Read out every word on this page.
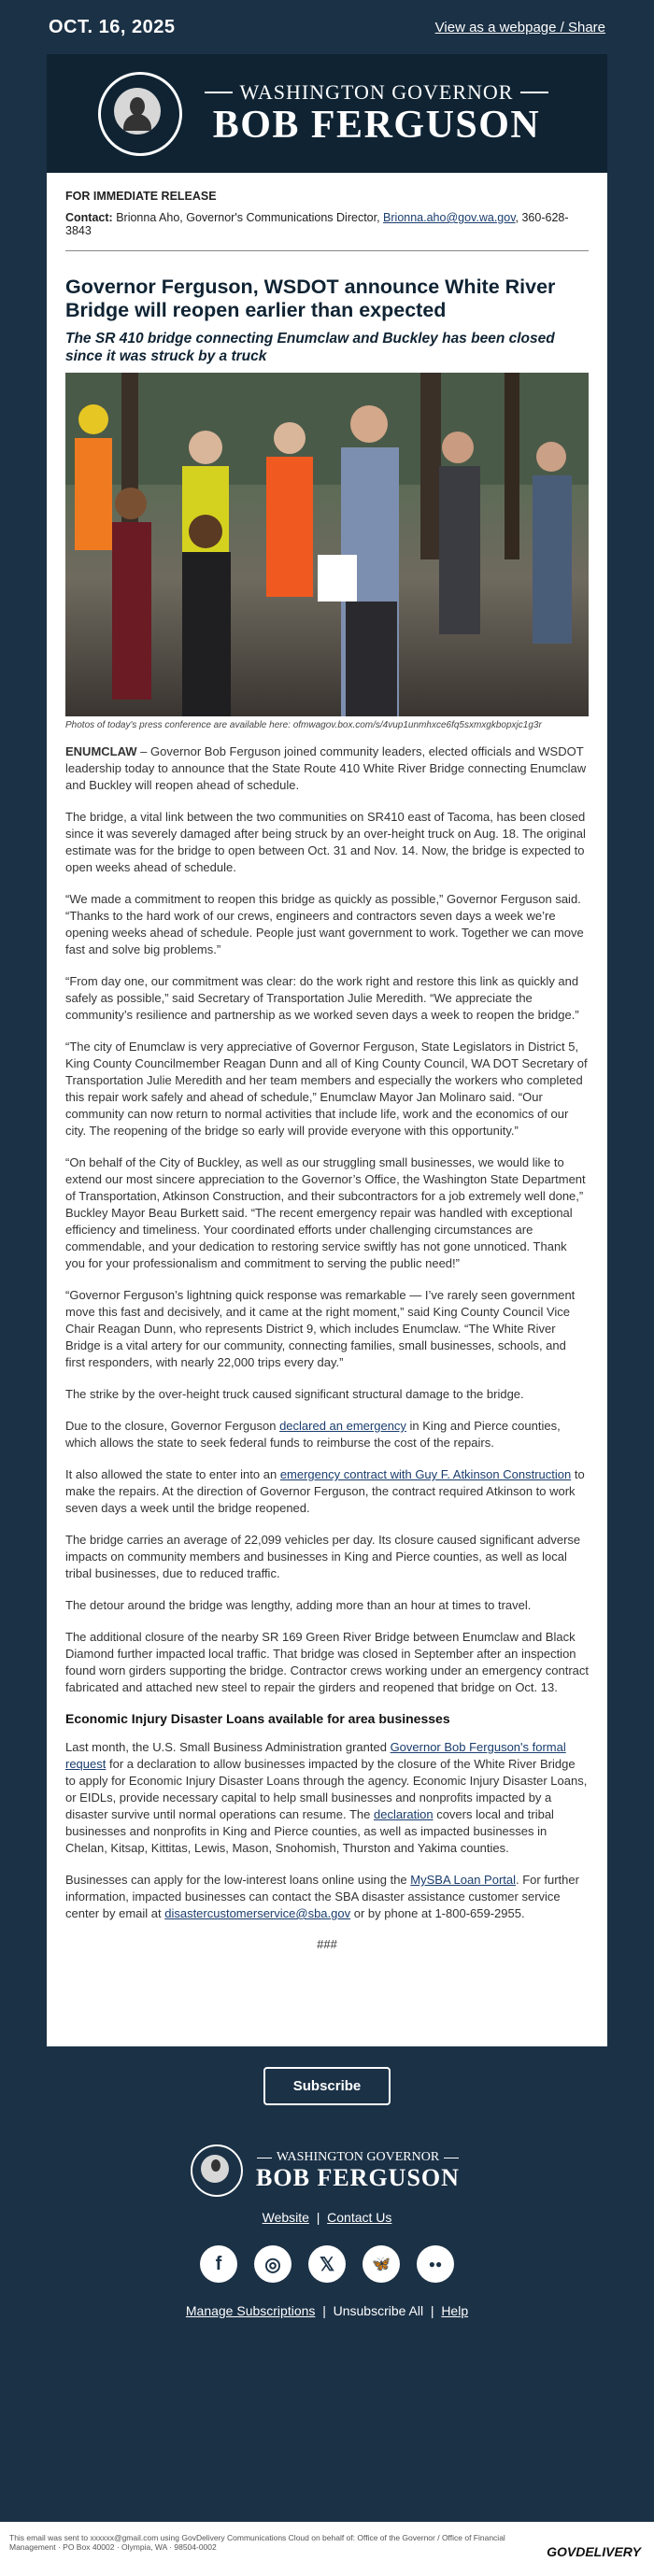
OCT. 16, 2025	View as a webpage / Share
WASHINGTON GOVERNOR
BOB FERGUSON
FOR IMMEDIATE RELEASE
Contact: Brionna Aho, Governor's Communications Director, Brionna.aho@gov.wa.gov, 360-628-3843
Governor Ferguson, WSDOT announce White River Bridge will reopen earlier than expected
The SR 410 bridge connecting Enumclaw and Buckley has been closed since it was struck by a truck
Photos of today's press conference are available here: ofmwagov.box.com/s/4vup1unmhxce6fq5sxmxgkbopxjc1g3r

ENUMCLAW – Governor Bob Ferguson joined community leaders, elected officials and WSDOT leadership today to announce that the State Route 410 White River Bridge connecting Enumclaw and Buckley will reopen ahead of schedule.

The bridge, a vital link between the two communities on SR410 east of Tacoma, has been closed since it was severely damaged after being struck by an over-height truck on Aug. 18. The original estimate was for the bridge to open between Oct. 31 and Nov. 14. Now, the bridge is expected to open weeks ahead of schedule.

“We made a commitment to reopen this bridge as quickly as possible,” Governor Ferguson said. “Thanks to the hard work of our crews, engineers and contractors seven days a week we’re opening weeks ahead of schedule. People just want government to work. Together we can move fast and solve big problems.”

“From day one, our commitment was clear: do the work right and restore this link as quickly and safely as possible,” said Secretary of Transportation Julie Meredith. “We appreciate the community’s resilience and partnership as we worked seven days a week to reopen the bridge.”

“The city of Enumclaw is very appreciative of Governor Ferguson, State Legislators in District 5, King County Councilmember Reagan Dunn and all of King County Council, WA DOT Secretary of Transportation Julie Meredith and her team members and especially the workers who completed this repair work safely and ahead of schedule,” Enumclaw Mayor Jan Molinaro said. “Our community can now return to normal activities that include life, work and the economics of our city. The reopening of the bridge so early will provide everyone with this opportunity.”

“On behalf of the City of Buckley, as well as our struggling small businesses, we would like to extend our most sincere appreciation to the Governor’s Office, the Washington State Department of Transportation, Atkinson Construction, and their subcontractors for a job extremely well done,” Buckley Mayor Beau Burkett said. “The recent emergency repair was handled with exceptional efficiency and timeliness. Your coordinated efforts under challenging circumstances are commendable, and your dedication to restoring service swiftly has not gone unnoticed. Thank you for your professionalism and commitment to serving the public need!”

“Governor Ferguson’s lightning quick response was remarkable — I’ve rarely seen government move this fast and decisively, and it came at the right moment,” said King County Council Vice Chair Reagan Dunn, who represents District 9, which includes Enumclaw. “The White River Bridge is a vital artery for our community, connecting families, small businesses, schools, and first responders, with nearly 22,000 trips every day.”

The strike by the over-height truck caused significant structural damage to the bridge.

Due to the closure, Governor Ferguson declared an emergency in King and Pierce counties, which allows the state to seek federal funds to reimburse the cost of the repairs.

It also allowed the state to enter into an emergency contract with Guy F. Atkinson Construction to make the repairs. At the direction of Governor Ferguson, the contract required Atkinson to work seven days a week until the bridge reopened.

The bridge carries an average of 22,099 vehicles per day. Its closure caused significant adverse impacts on community members and businesses in King and Pierce counties, as well as local tribal businesses, due to reduced traffic.

The detour around the bridge was lengthy, adding more than an hour at times to travel.

The additional closure of the nearby SR 169 Green River Bridge between Enumclaw and Black Diamond further impacted local traffic. That bridge was closed in September after an inspection found worn girders supporting the bridge. Contractor crews working under an emergency contract fabricated and attached new steel to repair the girders and reopened that bridge on Oct. 13.

Economic Injury Disaster Loans available for area businesses

Last month, the U.S. Small Business Administration granted Governor Bob Ferguson's formal request for a declaration to allow businesses impacted by the closure of the White River Bridge to apply for Economic Injury Disaster Loans through the agency. Economic Injury Disaster Loans, or EIDLs, provide necessary capital to help small businesses and nonprofits impacted by a disaster survive until normal operations can resume. The declaration covers local and tribal businesses and nonprofits in King and Pierce counties, as well as impacted businesses in Chelan, Kitsap, Kittitas, Lewis, Mason, Snohomish, Thurston and Yakima counties.

Businesses can apply for the low-interest loans online using the MySBA Loan Portal. For further information, impacted businesses can contact the SBA disaster assistance customer service center by email at disastercustomerservice@sba.gov or by phone at 1-800-659-2955.

###
Subscribe
WASHINGTON GOVERNOR
BOB FERGUSON
Website | Contact Us
f	◎	𝕏	🦋	●●
Manage Subscriptions | Unsubscribe All | Help
This email was sent to xxxxxx@gmail.com using GovDelivery Communications Cloud on behalf of: Office of the Governor / Office of Financial Management · PO Box 40002 · Olympia, WA · 98504-0002	GOVDELIVERY
